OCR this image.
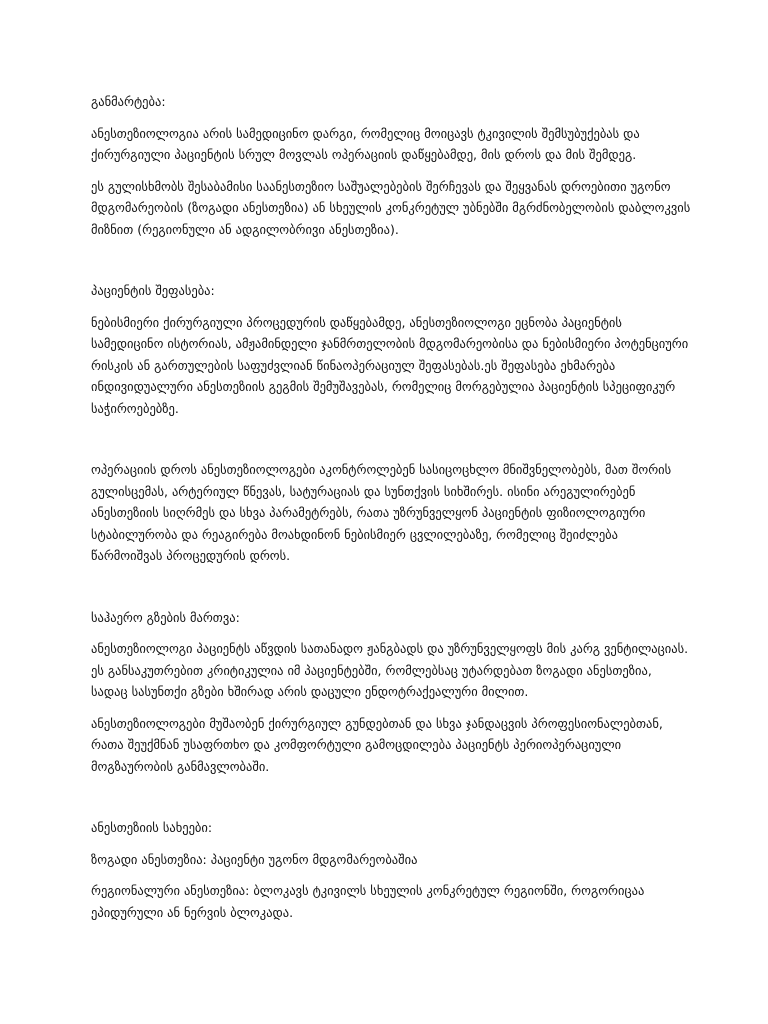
განმარტება:

ანესთეზიოლოგია არის სამედიცინო დარგი, რომელიც მოიცავს ტკივილის შემსუბუქებას და ქირურგიული პაციენტის სრულ მოვლას ოპერაციის დაწყებამდე, მის დროს და მის შემდეგ.

ეს გულისხმობს შესაბამისი საანესთეზიო საშუალებების შერჩევას და შეყვანას დროებითი უგონო მდგომარეობის (ზოგადი ანესთეზია) ან სხეულის კონკრეტულ უბნებში მგრძნობელობის დაბლოკვის მიზნით (რეგიონული ან ადგილობრივი ანესთეზია).

პაციენტის შეფასება:

ნებისმიერი ქირურგიული პროცედურის დაწყებამდე, ანესთეზიოლოგი ეცნობა პაციენტის სამედიცინო ისტორიას, ამჟამინდელი ჯანმრთელობის მდგომარეობისა და ნებისმიერი პოტენციური რისკის ან გართულების საფუძვლიან წინაოპერაციულ შეფასებას.ეს შეფასება ეხმარება ინდივიდუალური ანესთეზიის გეგმის შემუშავებას, რომელიც მორგებულია პაციენტის სპეციფიკურ საჭიროებებზე.

ოპერაციის დროს ანესთეზიოლოგები აკონტროლებენ სასიცოცხლო მნიშვნელობებს, მათ შორის გულისცემას, არტერიულ წნევას, სატურაციას და სუნთქვის სიხშირეს. ისინი არეგულირებენ ანესთეზიის სიღრმეს და სხვა პარამეტრებს, რათა უზრუნველყონ პაციენტის ფიზიოლოგიური სტაბილურობა და რეაგირება მოახდინონ ნებისმიერ ცვლილებაზე, რომელიც შეიძლება წარმოიშვას პროცედურის დროს.

საჰაერო გზების მართვა:

ანესთეზიოლოგი პაციენტს აწვდის სათანადო ჟანგბადს და უზრუნველყოფს მის კარგ ვენტილაციას. ეს განსაკუთრებით კრიტიკულია იმ პაციენტებში, რომლებსაც უტარდებათ ზოგადი ანესთეზია, სადაც სასუნთქი გზები ხშირად არის დაცული ენდოტრაქეალური მილით.

ანესთეზიოლოგები მუშაობენ ქირურგიულ გუნდებთან და სხვა ჯანდაცვის პროფესიონალებთან, რათა შეუქმნან უსაფრთხო და კომფორტული გამოცდილება პაციენტს პერიოპერაციული მოგზაურობის განმავლობაში.

ანესთეზიის სახეები:

ზოგადი ანესთეზია: პაციენტი უგონო მდგომარეობაშია

რეგიონალური ანესთეზია: ბლოკავს ტკივილს სხეულის კონკრეტულ რეგიონში, როგორიცაა ეპიდურული ან ნერვის ბლოკადა.
